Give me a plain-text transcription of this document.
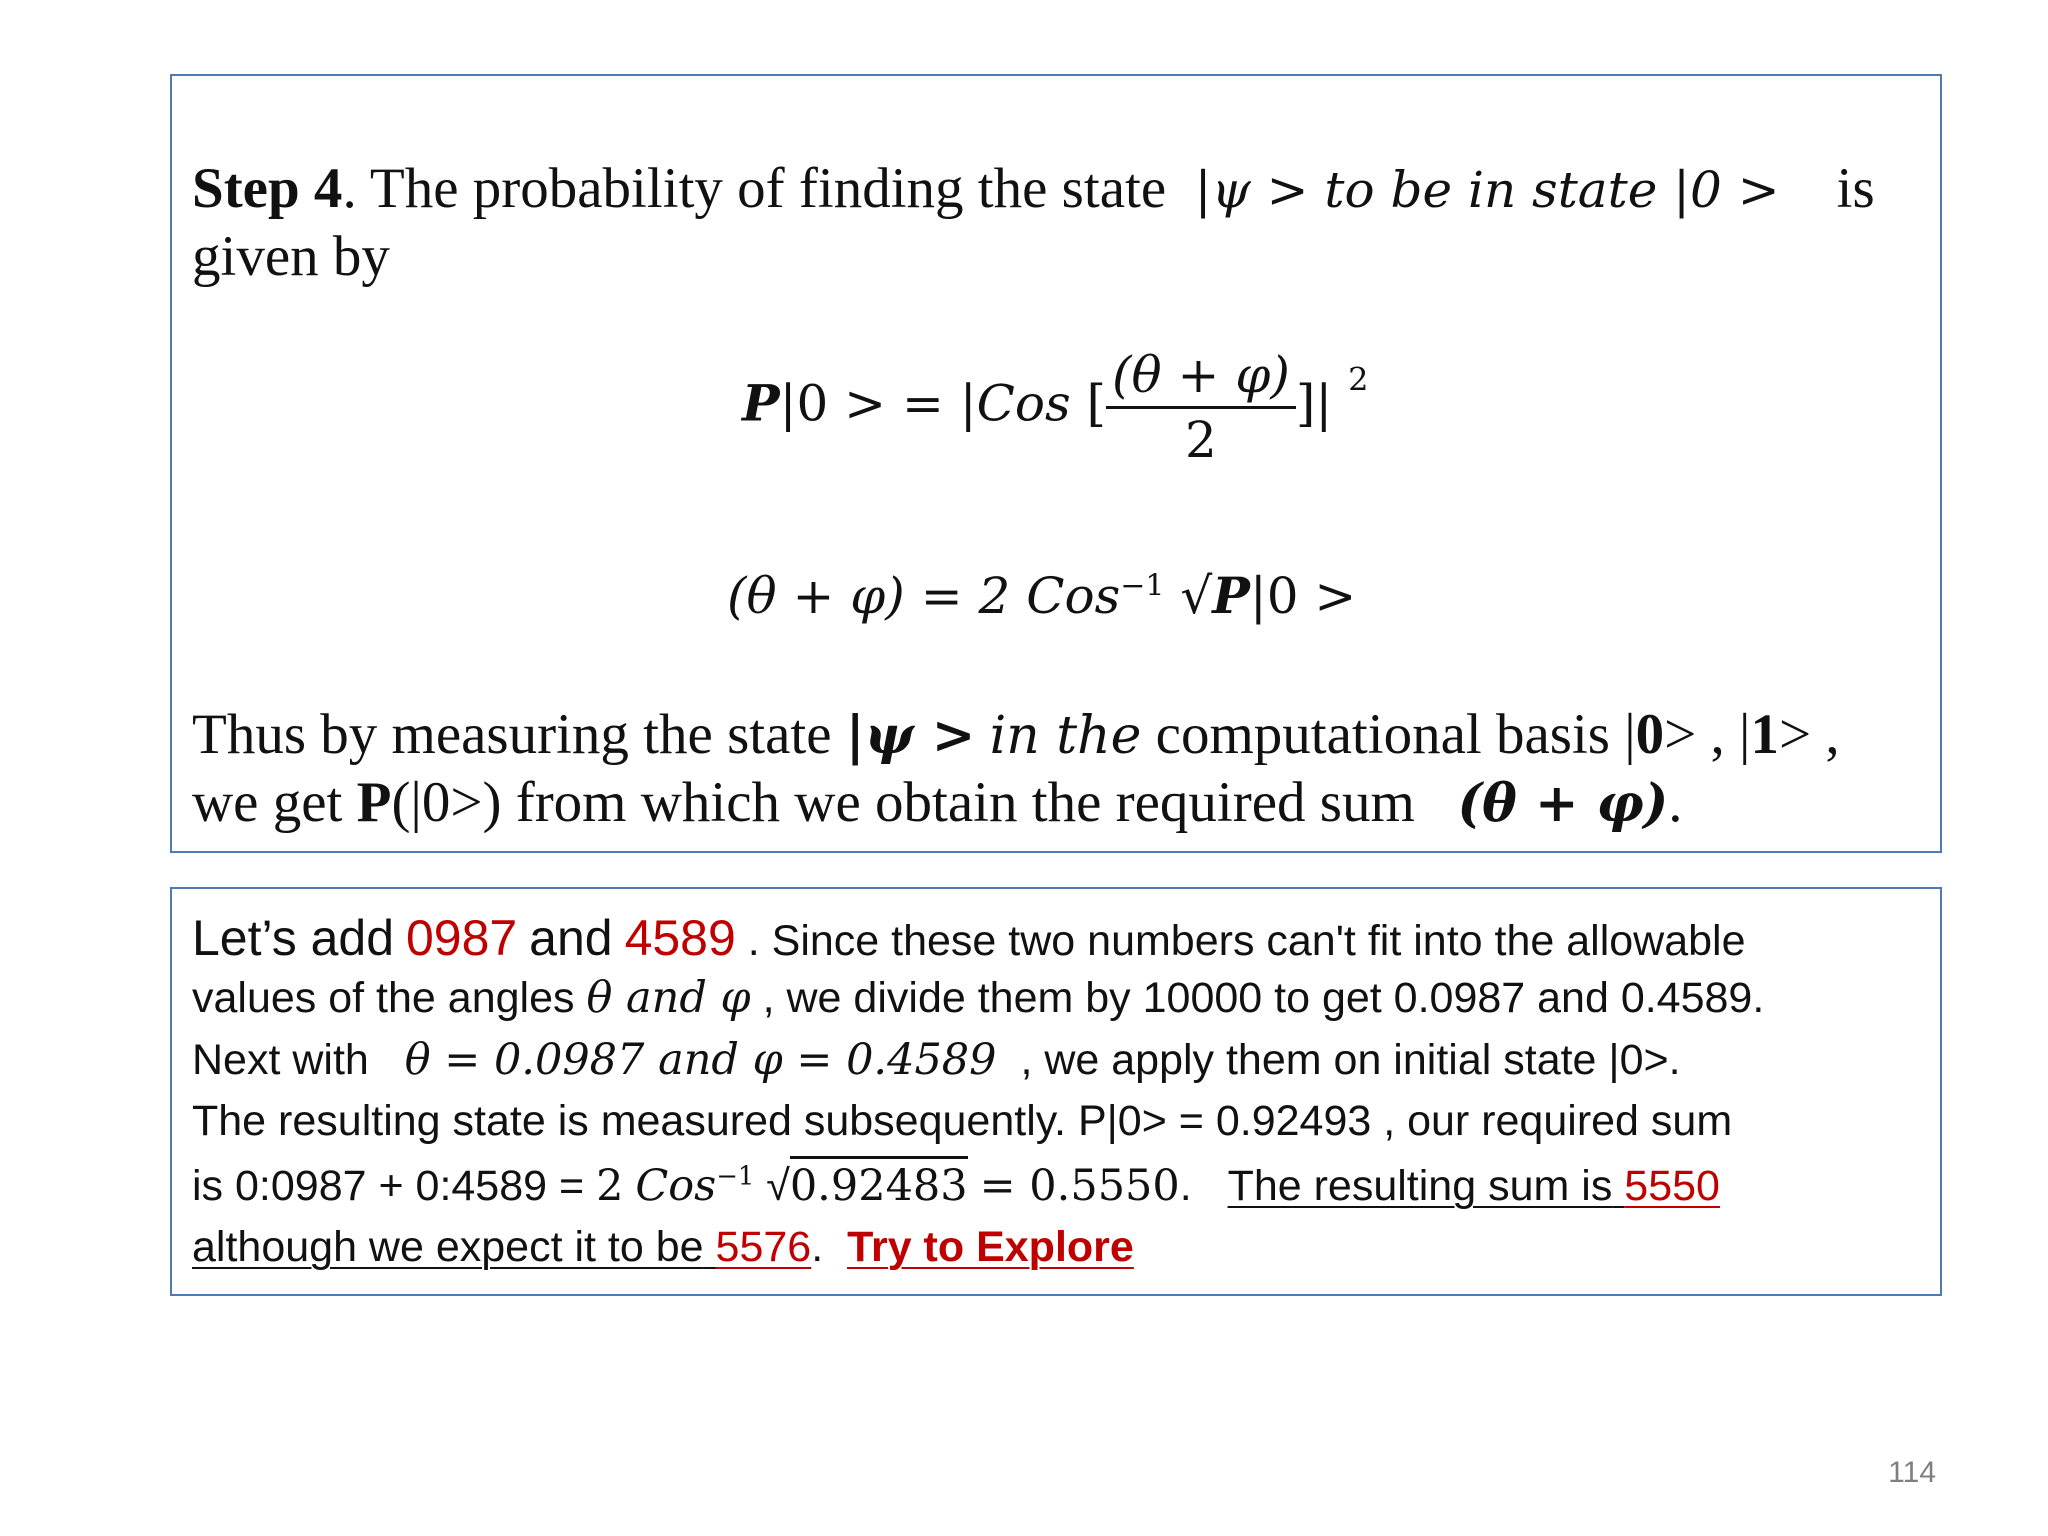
Step 4. The probability of finding the state |ψ > to be in state |0 > is
given by
P|0 > = |Cos [ $\frac{(\theta + \varphi)}{2}$ ]| $^2$
(θ + φ) = 2 Cos$^{-1}$ √P|0 >
Thus by measuring the state |ψ > in the computational basis |0> , |1> ,
we get P(|0>) from which we obtain the required sum (θ + φ).
Let’s add 0987 and 4589 . Since these two numbers can't fit into the allowable
values of the angles θ and φ , we divide them by 10000 to get 0.0987 and 0.4589.
Next with θ = 0.0987 and φ = 0.4589 , we apply them on initial state |0>.
The resulting state is measured subsequently. P|0> = 0.92493 , our required sum
is 0:0987 + 0:4589 = 2 Cos$^{-1}$ √0.92483 = 0.5550. The resulting sum is 5550
although we expect it to be 5576. Try to Explore
114
